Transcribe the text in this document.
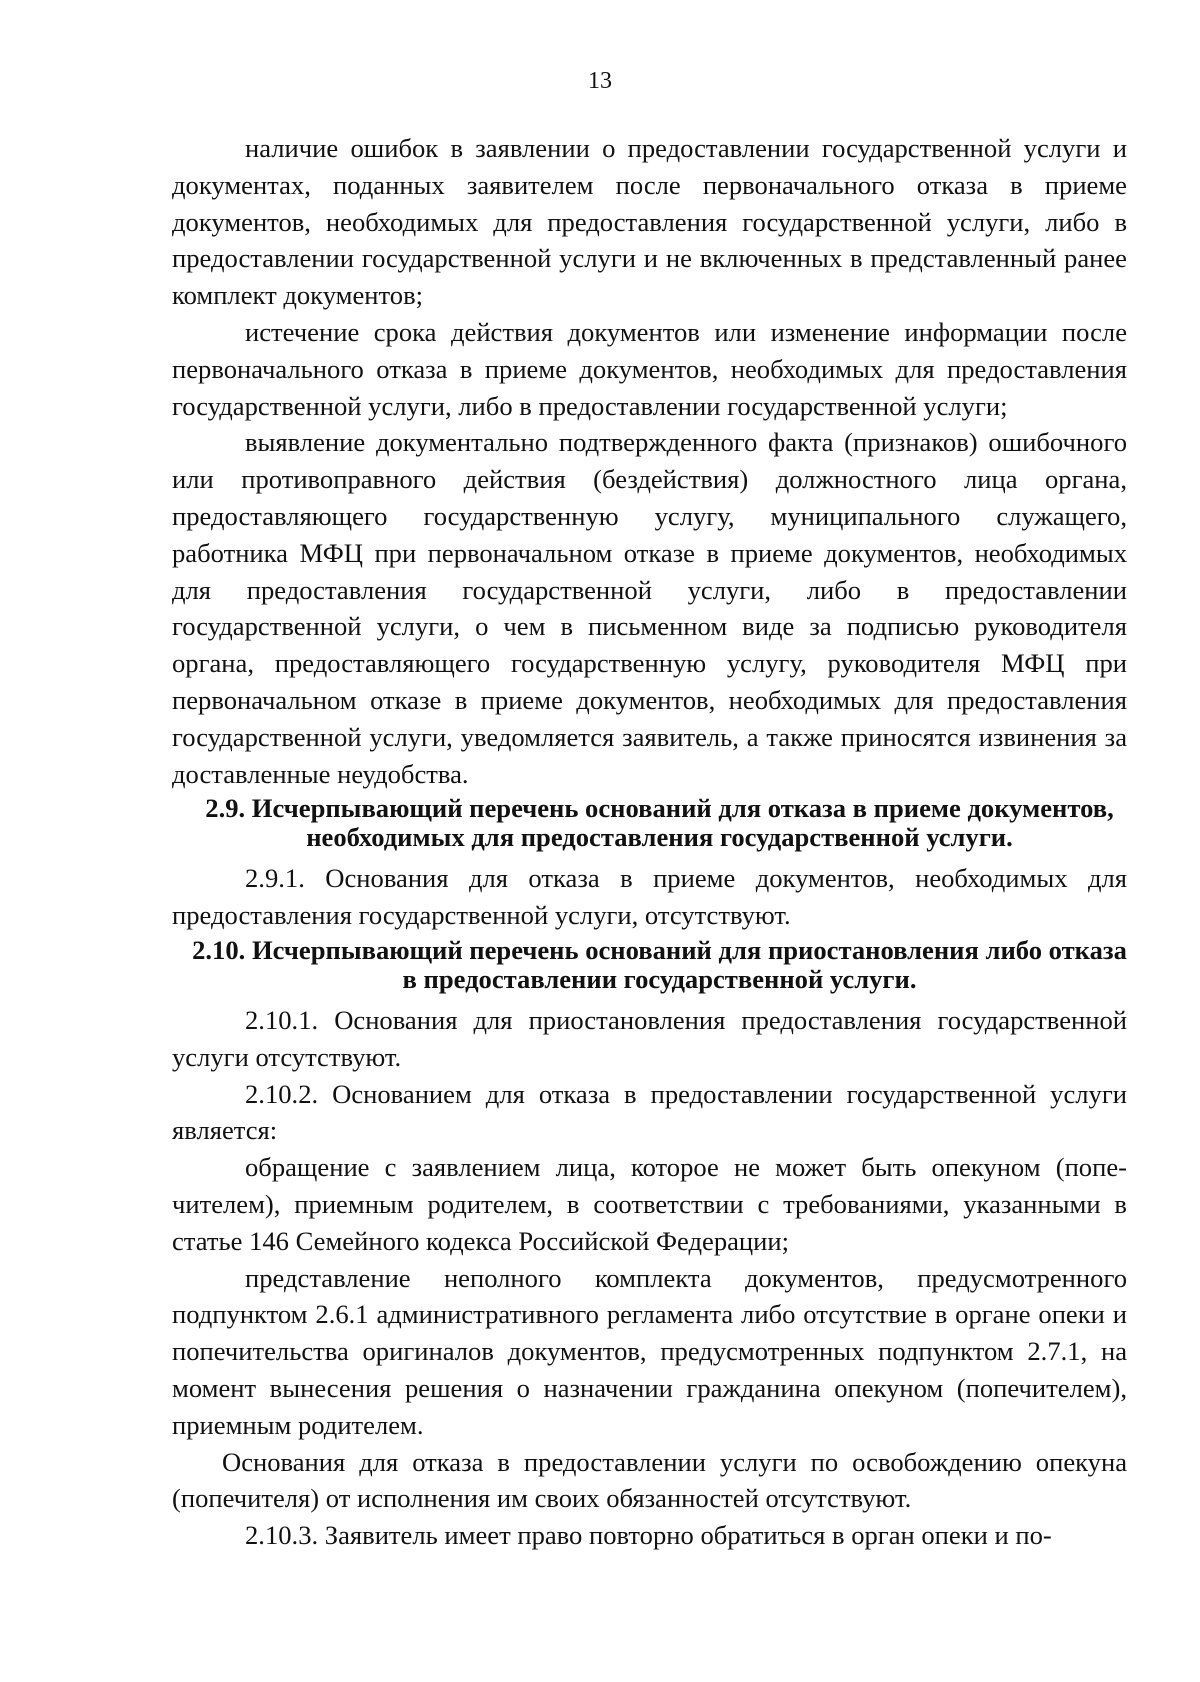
13

наличие ошибок в заявлении о предоставлении государственной услуги и документах, поданных заявителем после первоначального отказа в приеме документов, необходимых для предоставления государственной услуги, либо в предоставлении государственной услуги и не включенных в представленный ранее комплект документов;

истечение срока действия документов или изменение информации после первоначального отказа в приеме документов, необходимых для предоставления государственной услуги, либо в предоставлении государственной услуги;

выявление документально подтвержденного факта (признаков) ошибочного или противоправного действия (бездействия) должностного лица органа, предоставляющего государственную услугу, муниципального служащего, работника МФЦ при первоначальном отказе в приеме документов, необходимых для предоставления государственной услуги, либо в предоставлении государственной услуги, о чем в письменном виде за подписью руководителя органа, предоставляющего государственную услугу, руководителя МФЦ при первоначальном отказе в приеме документов, необходимых для предоставления государственной услуги, уведомляется заявитель, а также приносятся извинения за доставленные неудобства.

2.9. Исчерпывающий перечень оснований для отказа в приеме документов, необходимых для предоставления государственной услуги.

2.9.1. Основания для отказа в приеме документов, необходимых для предоставления государственной услуги, отсутствуют.

2.10. Исчерпывающий перечень оснований для приостановления либо отказа в предоставлении государственной услуги.

2.10.1. Основания для приостановления предоставления государственной услуги отсутствуют.

2.10.2. Основанием для отказа в предоставлении государственной услуги является:

обращение с заявлением лица, которое не может быть опекуном (попечителем), приемным родителем, в соответствии с требованиями, указанными в статье 146 Семейного кодекса Российской Федерации;

представление неполного комплекта документов, предусмотренного подпунктом 2.6.1 административного регламента либо отсутствие в органе опеки и попечительства оригиналов документов, предусмотренных подпунктом 2.7.1, на момент вынесения решения о назначении гражданина опекуном (попечителем), приемным родителем.

Основания для отказа в предоставлении услуги по освобождению опекуна (попечителя) от исполнения им своих обязанностей отсутствуют.

2.10.3. Заявитель имеет право повторно обратиться в орган опеки и по-
